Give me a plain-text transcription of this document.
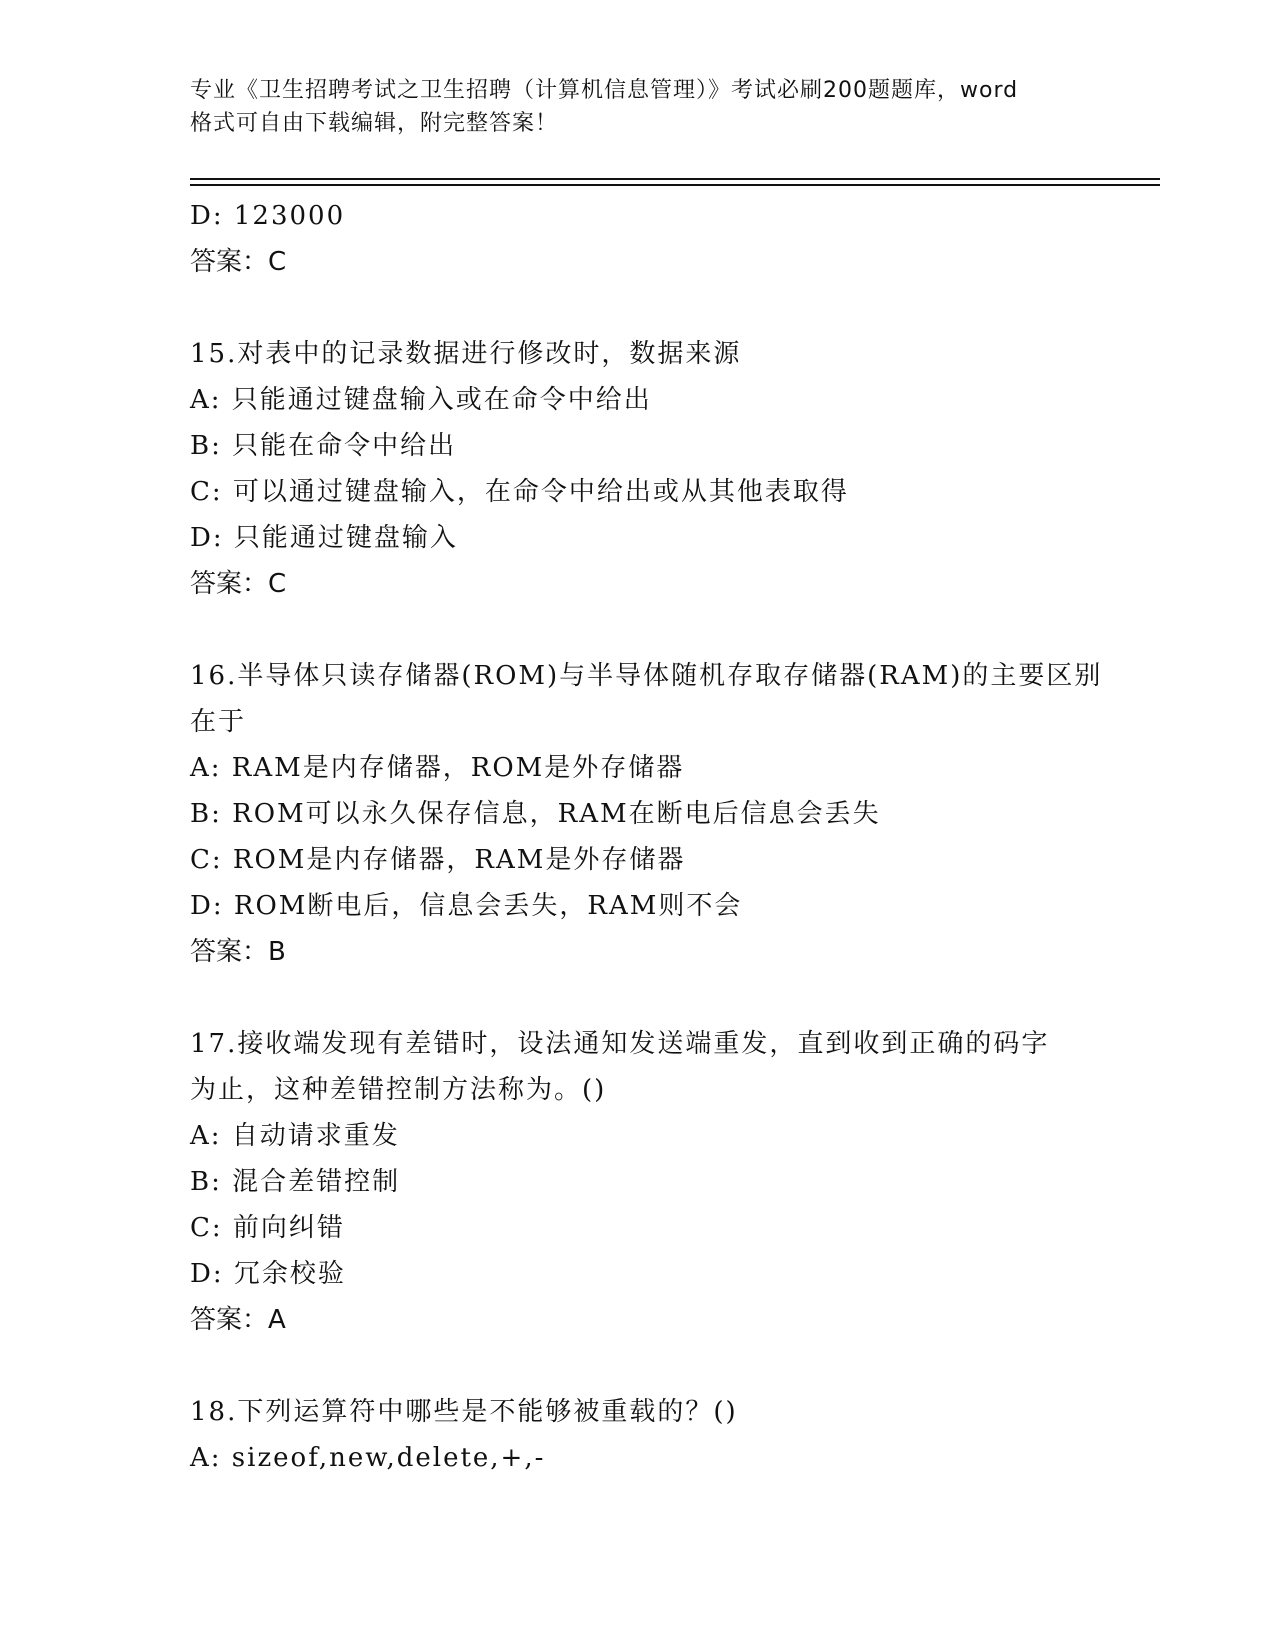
专业《卫生招聘考试之卫生招聘（计算机信息管理）》考试必刷200题题库，word
格式可自由下载编辑，附完整答案！
D: 123000
答案：C
15.对表中的记录数据进行修改时，数据来源
A: 只能通过键盘输入或在命令中给出
B: 只能在命令中给出
C: 可以通过键盘输入，在命令中给出或从其他表取得
D: 只能通过键盘输入
答案：C
16.半导体只读存储器(ROM)与半导体随机存取存储器(RAM)的主要区别
在于
A: RAM是内存储器，ROM是外存储器
B: ROM可以永久保存信息，RAM在断电后信息会丢失
C: ROM是内存储器，RAM是外存储器
D: ROM断电后，信息会丢失，RAM则不会
答案：B
17.接收端发现有差错时，设法通知发送端重发，直到收到正确的码字
为止，这种差错控制方法称为。()
A: 自动请求重发
B: 混合差错控制
C: 前向纠错
D: 冗余校验
答案：A
18.下列运算符中哪些是不能够被重载的？()
A: sizeof,new,delete,+,-
